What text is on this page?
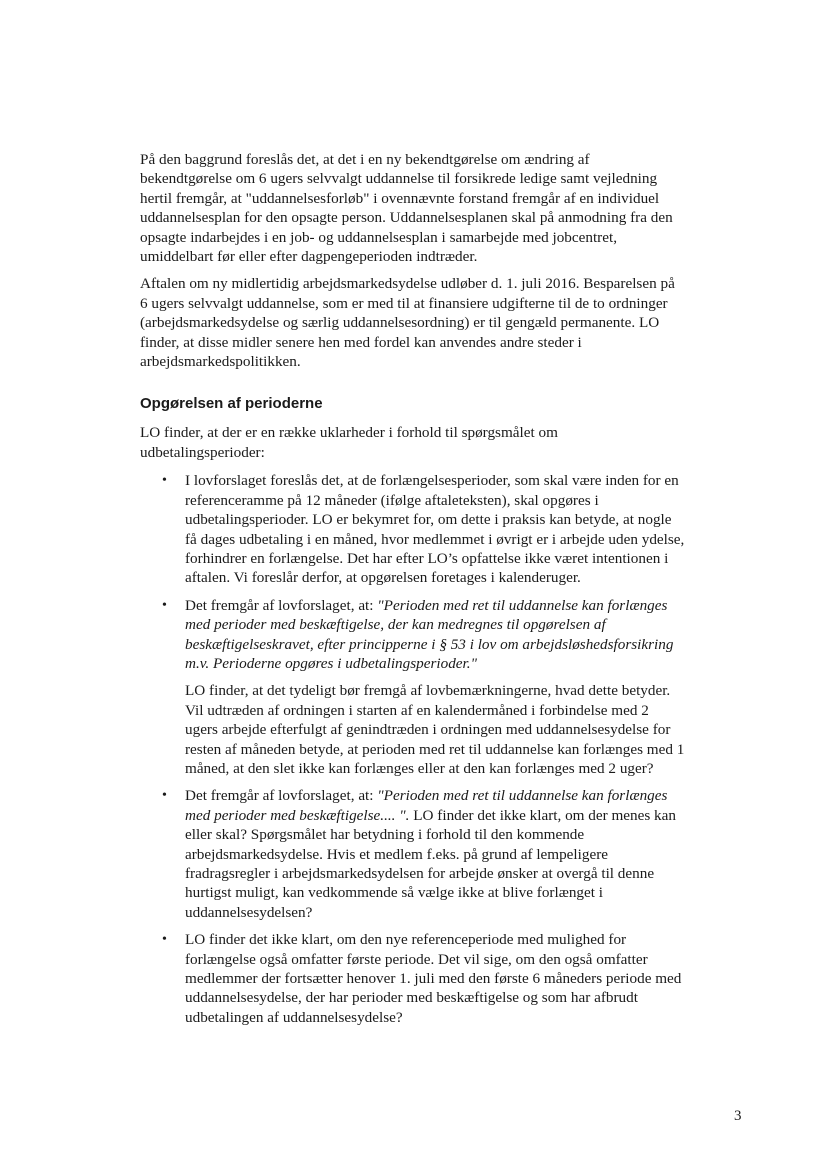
På den baggrund foreslås det, at det i en ny bekendtgørelse om ændring af bekendtgørelse om 6 ugers selvvalgt uddannelse til forsikrede ledige samt vejledning hertil fremgår, at "uddannelsesforløb" i ovennævnte forstand fremgår af en individuel uddannelsesplan for den opsagte person. Uddannelsesplanen skal på anmodning fra den opsagte indarbejdes i en job- og uddannelsesplan i samarbejde med jobcentret, umiddelbart før eller efter dagpengeperioden indtræder.

Aftalen om ny midlertidig arbejdsmarkedsydelse udløber d. 1. juli 2016. Besparelsen på 6 ugers selvvalgt uddannelse, som er med til at finansiere udgifterne til de to ordninger (arbejdsmarkedsydelse og særlig uddannelsesordning) er til gengæld permanente. LO finder, at disse midler senere hen med fordel kan anvendes andre steder i arbejdsmarkedspolitikken.

Opgørelsen af perioderne

LO finder, at der er en række uklarheder i forhold til spørgsmålet om udbetalingsperioder:

•	I lovforslaget foreslås det, at de forlængelsesperioder, som skal være inden for en referenceramme på 12 måneder (ifølge aftaleteksten), skal opgøres i udbetalingsperioder. LO er bekymret for, om dette i praksis kan betyde, at nogle få dages udbetaling i en måned, hvor medlemmet i øvrigt er i arbejde uden ydelse, forhindrer en forlængelse. Det har efter LO’s opfattelse ikke været intentionen i aftalen. Vi foreslår derfor, at opgørelsen foretages i kalenderuger.
•	Det fremgår af lovforslaget, at: "Perioden med ret til uddannelse kan forlænges med perioder med beskæftigelse, der kan medregnes til opgørelsen af beskæftigelseskravet, efter principperne i § 53 i lov om arbejdsløshedsforsikring m.v. Perioderne opgøres i udbetalingsperioder."

LO finder, at det tydeligt bør fremgå af lovbemærkningerne, hvad dette betyder. Vil udtræden af ordningen i starten af en kalendermåned i forbindelse med 2 ugers arbejde efterfulgt af genindtræden i ordningen med uddannelsesydelse for resten af måneden betyde, at perioden med ret til uddannelse kan forlænges med 1 måned, at den slet ikke kan forlænges eller at den kan forlænges med 2 uger?

•	Det fremgår af lovforslaget, at: "Perioden med ret til uddannelse kan forlænges med perioder med beskæftigelse.... ". LO finder det ikke klart, om der menes kan eller skal? Spørgsmålet har betydning i forhold til den kommende arbejdsmarkedsydelse. Hvis et medlem f.eks. på grund af lempeligere fradragsregler i arbejdsmarkedsydelsen for arbejde ønsker at overgå til denne hurtigst muligt, kan vedkommende så vælge ikke at blive forlænget i uddannelsesydelsen?
•	LO finder det ikke klart, om den nye referenceperiode med mulighed for forlængelse også omfatter første periode. Det vil sige, om den også omfatter medlemmer der fortsætter henover 1. juli med den første 6 måneders periode med uddannelsesydelse, der har perioder med beskæftigelse og som har afbrudt udbetalingen af uddannelsesydelse?
3
